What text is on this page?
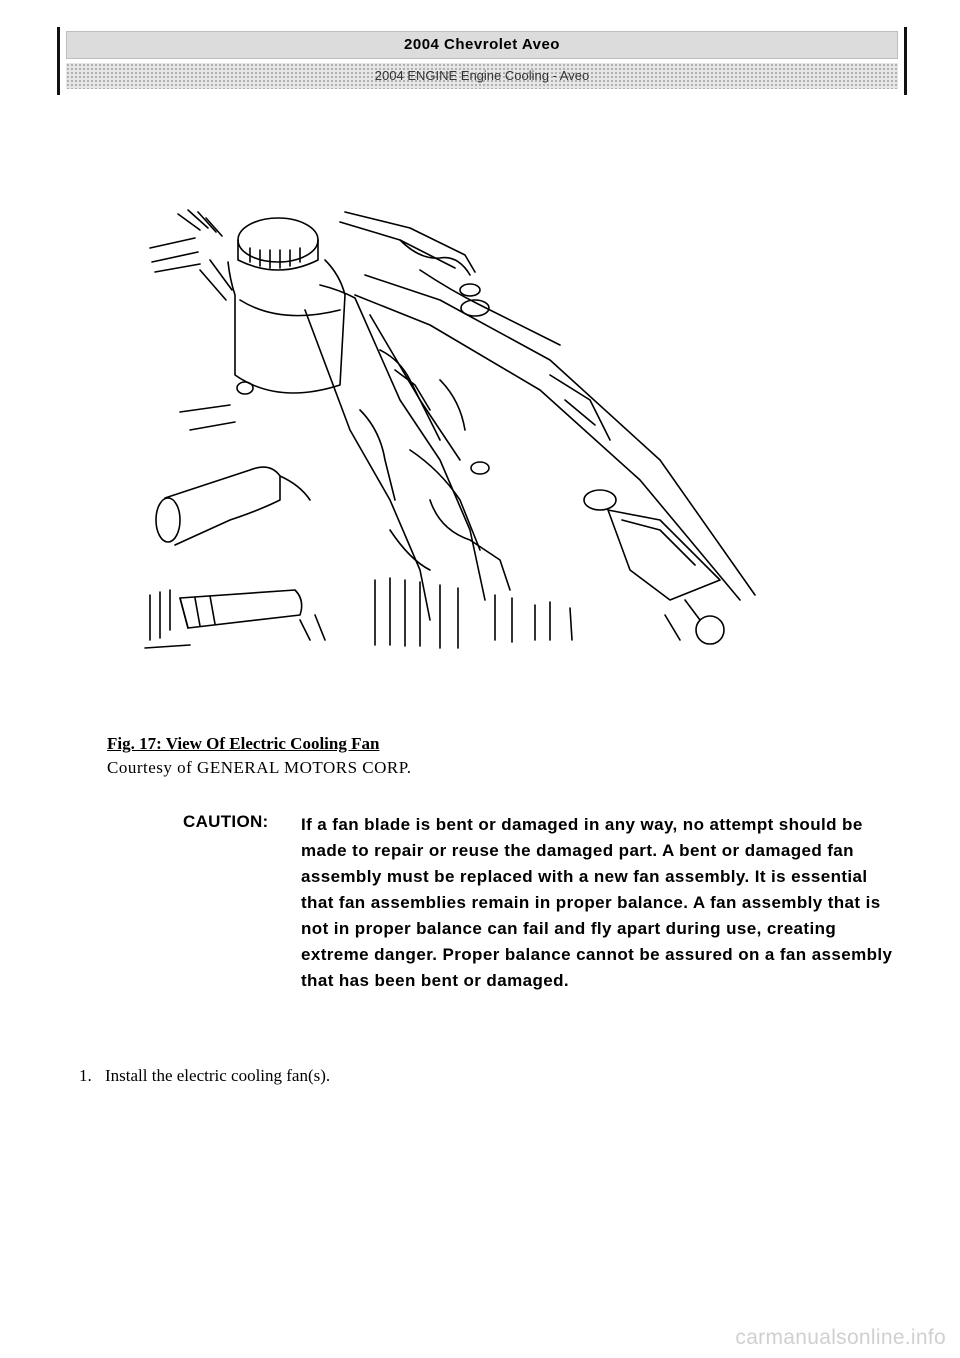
2004 Chevrolet Aveo
2004 ENGINE Engine Cooling - Aveo
Fig. 17: View Of Electric Cooling Fan
Courtesy of GENERAL MOTORS CORP.
CAUTION: If a fan blade is bent or damaged in any way, no attempt should be made to repair or reuse the damaged part. A bent or damaged fan assembly must be replaced with a new fan assembly. It is essential that fan assemblies remain in proper balance. A fan assembly that is not in proper balance can fail and fly apart during use, creating extreme danger. Proper balance cannot be assured on a fan assembly that has been bent or damaged.
1. Install the electric cooling fan(s).
carmanualsonline.info
